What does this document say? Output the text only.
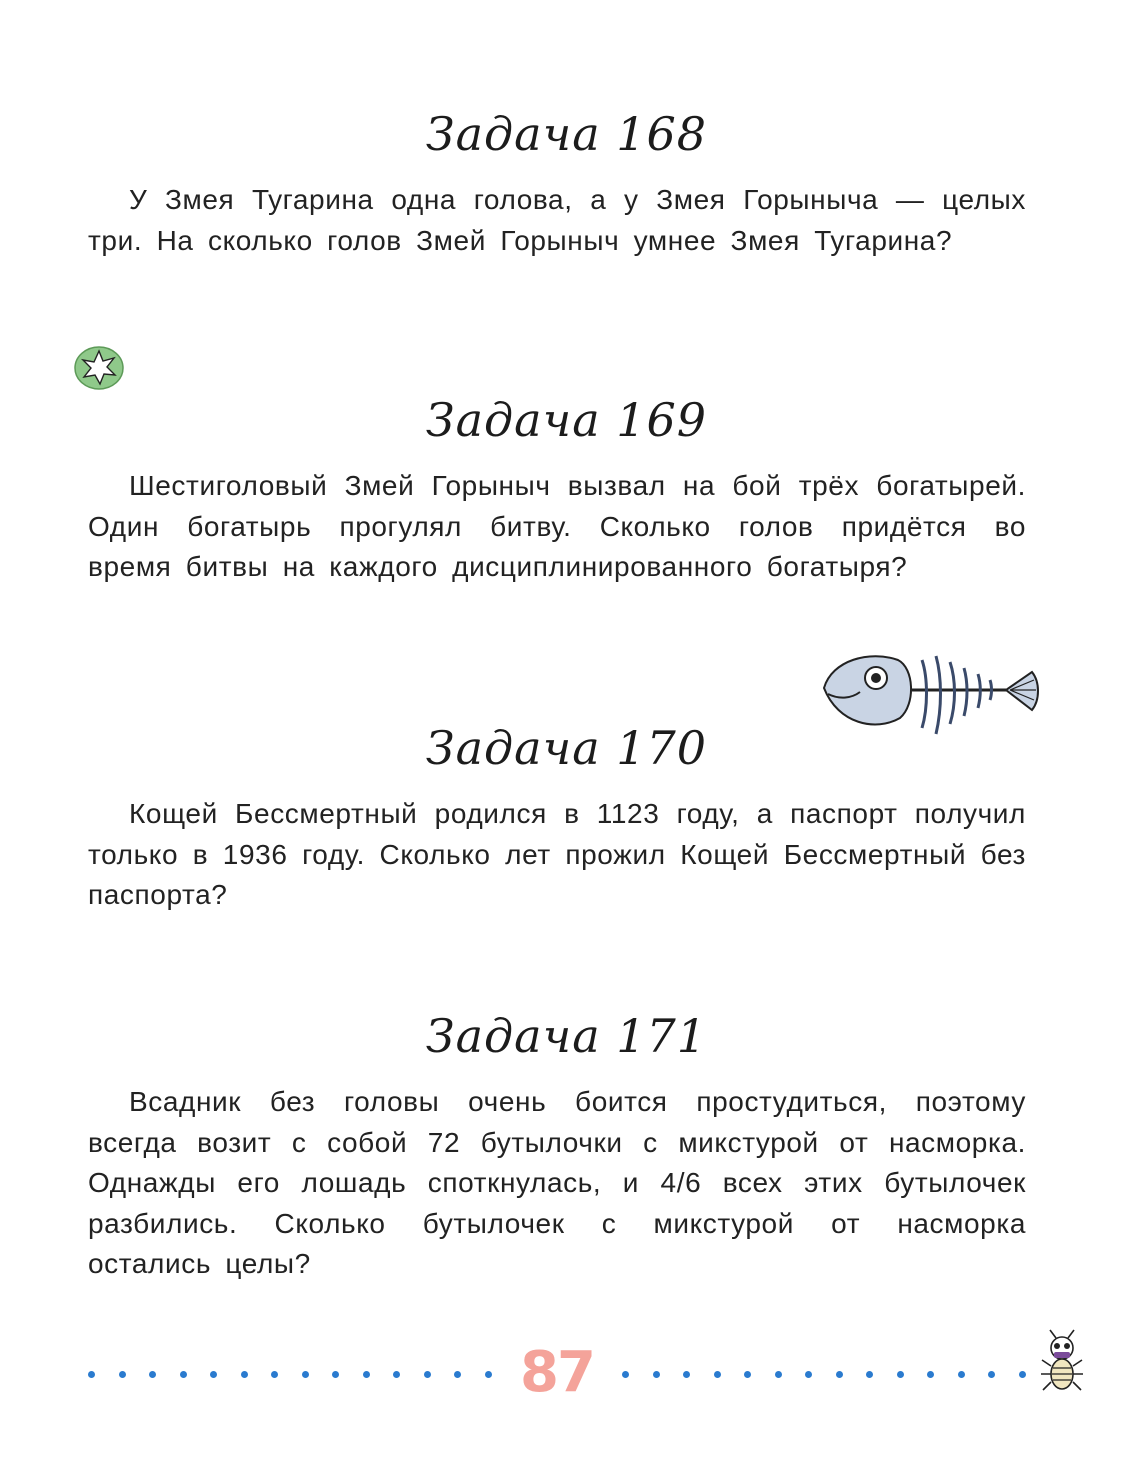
Задача 168

У Змея Тугарина одна голова, а у Змея Горыныча — целых три. На сколько голов Змей Горыныч умнее Змея Тугарина?

Задача 169

Шестиголовый Змей Горыныч вызвал на бой трёх богатырей. Один богатырь прогулял битву. Сколько голов придётся во время битвы на каждого дисциплинированного богатыря?

Задача 170

Кощей Бессмертный родился в 1123 году, а паспорт получил только в 1936 году. Сколько лет прожил Кощей Бессмертный без паспорта?

Задача 171

Всадник без головы очень боится простудиться, поэтому всегда возит с собой 72 бутылочки с микстурой от насморка. Однажды его лошадь споткнулась, и 4/6 всех этих бутылочек разбились. Сколько бутылочек с микстурой от насморка остались целы?

87
